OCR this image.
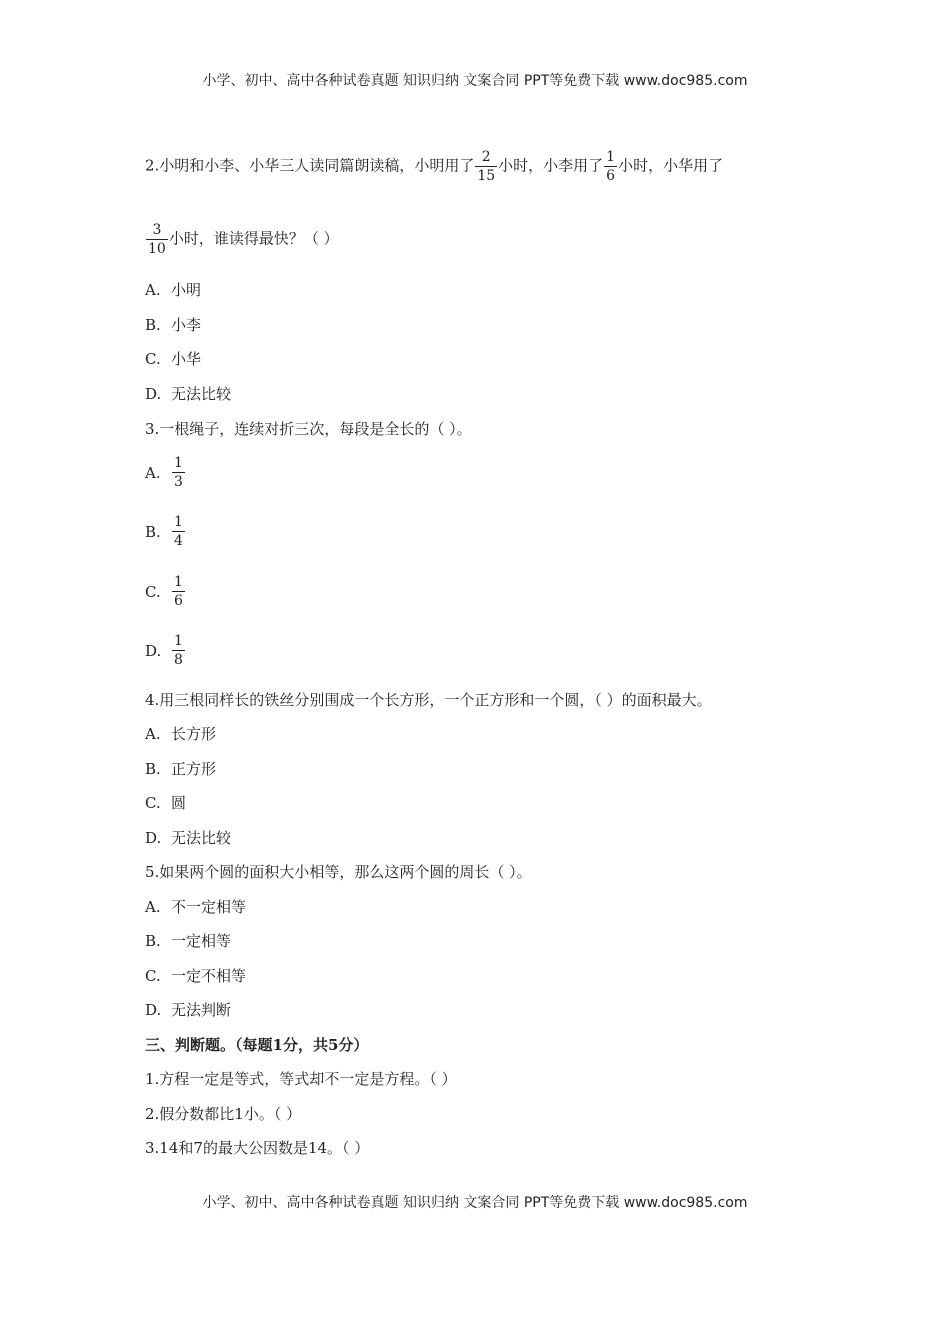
小学、初中、高中各种试卷真题 知识归纳 文案合同 PPT等免费下载 www.doc985.com
2.小明和小李、小华三人读同篇朗读稿，小明用了 $\frac{2}{15}$ 小时，小李用了 $\frac{1}{6}$ 小时，小华用了
$\frac{3}{10}$ 小时，谁读得最快？（ ）
A. 小明
B. 小李
C. 小华
D. 无法比较
3.一根绳子，连续对折三次，每段是全长的（ ）。
A. $\frac{1}{3}$
B. $\frac{1}{4}$
C. $\frac{1}{6}$
D. $\frac{1}{8}$
4.用三根同样长的铁丝分别围成一个长方形，一个正方形和一个圆，（ ）的面积最大。
A. 长方形
B. 正方形
C. 圆
D. 无法比较
5.如果两个圆的面积大小相等，那么这两个圆的周长（ ）。
A. 不一定相等
B. 一定相等
C. 一定不相等
D. 无法判断
三、判断题。（每题1分，共5分）
1.方程一定是等式，等式却不一定是方程。（ ）
2.假分数都比1小。（ ）
3.14和7的最大公因数是14。（ ）
小学、初中、高中各种试卷真题 知识归纳 文案合同 PPT等免费下载 www.doc985.com
